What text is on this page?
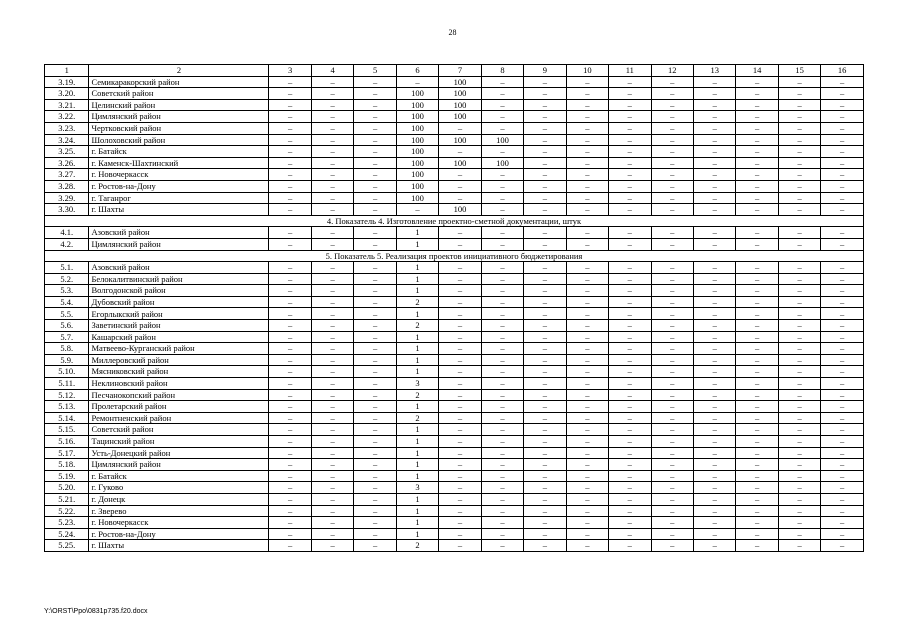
28
1	2	3	4	5	6	7	8	9	10	11	12	13	14	15	16
3.19.	Семикаракорский район	–	–	–	–	100	–	–	–	–	–	–	–	–	–
3.20.	Советский район	–	–	–	100	100	–	–	–	–	–	–	–	–	–
3.21.	Целинский район	–	–	–	100	100	–	–	–	–	–	–	–	–	–
3.22.	Цимлянский район	–	–	–	100	100	–	–	–	–	–	–	–	–	–
3.23.	Чертковский район	–	–	–	100	–	–	–	–	–	–	–	–	–	–
3.24.	Шолоховский район	–	–	–	100	100	100	–	–	–	–	–	–	–	–
3.25.	г. Батайск	–	–	–	100	–	–	–	–	–	–	–	–	–	–
3.26.	г. Каменск-Шахтинский	–	–	–	100	100	100	–	–	–	–	–	–	–	–
3.27.	г. Новочеркасск	–	–	–	100	–	–	–	–	–	–	–	–	–	–
3.28.	г. Ростов-на-Дону	–	–	–	100	–	–	–	–	–	–	–	–	–	–
3.29.	г. Таганрог	–	–	–	100	–	–	–	–	–	–	–	–	–	–
3.30.	г. Шахты	–	–	–	–	100	–	–	–	–	–	–	–	–	–
4. Показатель 4. Изготовление проектно-сметной документации, штук															
4.1.	Азовский район	–	–	–	1	–	–	–	–	–	–	–	–	–	–
4.2.	Цимлянский район	–	–	–	1	–	–	–	–	–	–	–	–	–	–
5. Показатель 5. Реализация проектов инициативного бюджетирования															
5.1.	Азовский район	–	–	–	1	–	–	–	–	–	–	–	–	–	–
5.2.	Белокалитвинский район	–	–	–	1	–	–	–	–	–	–	–	–	–	–
5.3.	Волгодонской район	–	–	–	1	–	–	–	–	–	–	–	–	–	–
5.4.	Дубовский район	–	–	–	2	–	–	–	–	–	–	–	–	–	–
5.5.	Егорлыкский район	–	–	–	1	–	–	–	–	–	–	–	–	–	–
5.6.	Заветинский район	–	–	–	2	–	–	–	–	–	–	–	–	–	–
5.7.	Кашарский район	–	–	–	1	–	–	–	–	–	–	–	–	–	–
5.8.	Матвеево-Курганский район	–	–	–	1	–	–	–	–	–	–	–	–	–	–
5.9.	Миллеровский район	–	–	–	1	–	–	–	–	–	–	–	–	–	–
5.10.	Мясниковский район	–	–	–	1	–	–	–	–	–	–	–	–	–	–
5.11.	Неклиновский район	–	–	–	3	–	–	–	–	–	–	–	–	–	–
5.12.	Песчанокопский район	–	–	–	2	–	–	–	–	–	–	–	–	–	–
5.13.	Пролетарский район	–	–	–	1	–	–	–	–	–	–	–	–	–	–
5.14.	Ремонтненский район	–	–	–	2	–	–	–	–	–	–	–	–	–	–
5.15.	Советский район	–	–	–	1	–	–	–	–	–	–	–	–	–	–
5.16.	Тацинский район	–	–	–	1	–	–	–	–	–	–	–	–	–	–
5.17.	Усть-Донецкий район	–	–	–	1	–	–	–	–	–	–	–	–	–	–
5.18.	Цимлянский район	–	–	–	1	–	–	–	–	–	–	–	–	–	–
5.19.	г. Батайск	–	–	–	1	–	–	–	–	–	–	–	–	–	–
5.20.	г. Гуково	–	–	–	3	–	–	–	–	–	–	–	–	–	–
5.21.	г. Донецк	–	–	–	1	–	–	–	–	–	–	–	–	–	–
5.22.	г. Зверево	–	–	–	1	–	–	–	–	–	–	–	–	–	–
5.23.	г. Новочеркасск	–	–	–	1	–	–	–	–	–	–	–	–	–	–
5.24.	г. Ростов-на-Дону	–	–	–	1	–	–	–	–	–	–	–	–	–	–
5.25.	г. Шахты	–	–	–	2	–	–	–	–	–	–	–	–	–	–
Y:\ORST\Ppo\0831p735.f20.docx
